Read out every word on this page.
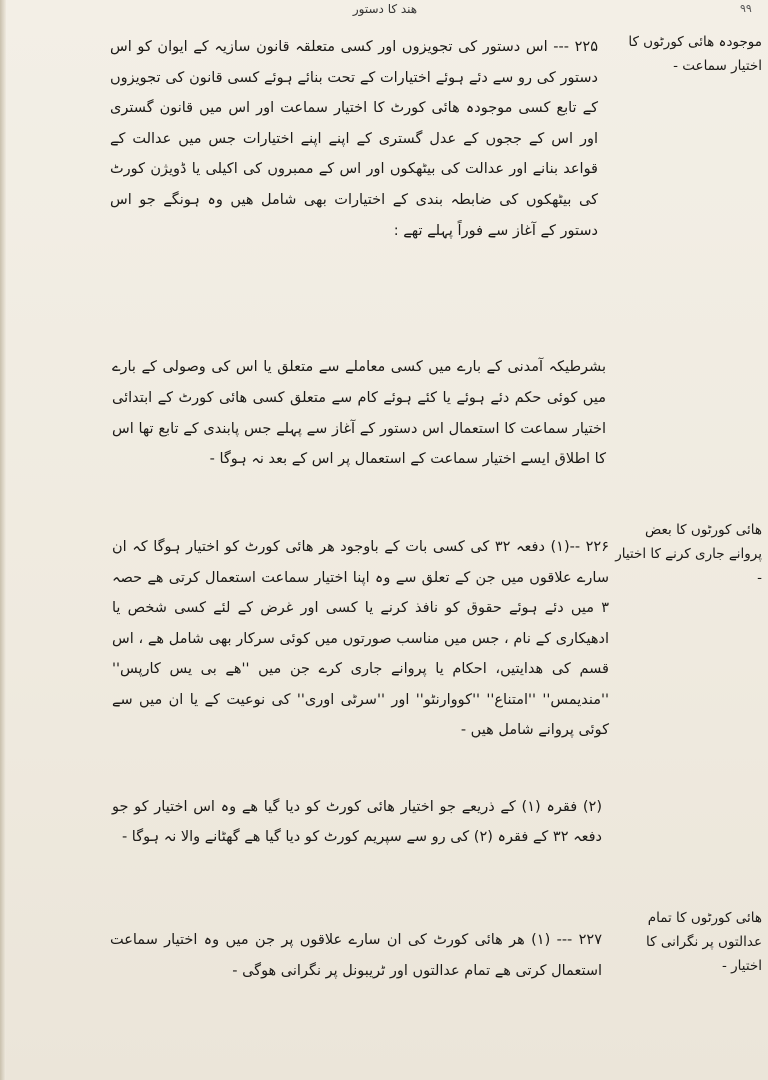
ھند کا دستور	۹۹

موجودہ ھائی کورٹوں کا اختیار سماعت -

ھائی کورٹوں کا بعض پروانے جاری کرنے کا اختیار -

ھائی کورٹوں کا تمام عدالتوں پر نگرانی کا اختیار -

۲۲۵ --- اس دستور کی تجویزوں اور کسی متعلقہ قانون سازیہ کے ایوان کو اس دستور کی رو سے دئے ہوئے اختیارات کے تحت بنائے ہوئے کسی قانون کی تجویزوں کے تابع کسی موجودہ ھائی کورٹ کا اختیار سماعت اور اس میں قانون گستری اور اس کے ججوں کے عدل گستری کے اپنے اپنے اختیارات جس میں عدالت کے قواعد بنانے اور عدالت کی بیٹھکوں اور اس کے ممبروں کی اکیلی یا ڈویژن کورٹ کی بیٹھکوں کی ضابطہ بندی کے اختیارات بھی شامل ھیں وہ ہونگے جو اس دستور کے آغاز سے فوراً پہلے تھے :

بشرطیکہ آمدنی کے بارے میں کسی معاملے سے متعلق یا اس کی وصولی کے بارے میں کوئی حکم دئے ہوئے یا کئے ہوئے کام سے متعلق کسی ھائی کورٹ کے ابتدائی اختیار سماعت کا استعمال اس دستور کے آغاز سے پہلے جس پابندی کے تابع تھا اس کا اطلاق ایسے اختیار سماعت کے استعمال پر اس کے بعد نہ ہوگا -

۲۲۶ --(۱) دفعہ ۳۲ کی کسی بات کے باوجود ھر ھائی کورٹ کو اختیار ہوگا کہ ان سارے علاقوں میں جن کے تعلق سے وہ اپنا اختیار سماعت استعمال کرتی ھے حصہ ۳ میں دئے ہوئے حقوق کو نافذ کرنے یا کسی اور غرض کے لئے کسی شخص یا ادھیکاری کے نام ، جس میں مناسب صورتوں میں کوئی سرکار بھی شامل ھے ، اس قسم کی ھدایتیں، احکام یا پروانے جاری کرے جن میں ''ھے بی یس کارپس'' ''مندیمس'' ''امتناع'' ''کووارنٹو'' اور ''سرٹی اوری'' کی نوعیت کے یا ان میں سے کوئی پروانے شامل ھیں -

(۲) فقرہ (۱) کے ذریعے جو اختیار ھائی کورٹ کو دیا گیا ھے وہ اس اختیار کو جو دفعہ ۳۲ کے فقرہ (۲) کی رو سے سپریم کورٹ کو دیا گیا ھے گھٹانے والا نہ ہوگا -

۲۲۷ --- (۱) ھر ھائی کورٹ کی ان سارے علاقوں پر جن میں وہ اختیار سماعت استعمال کرتی ھے تمام عدالتوں اور ٹریبونل پر نگرانی ھوگی -
